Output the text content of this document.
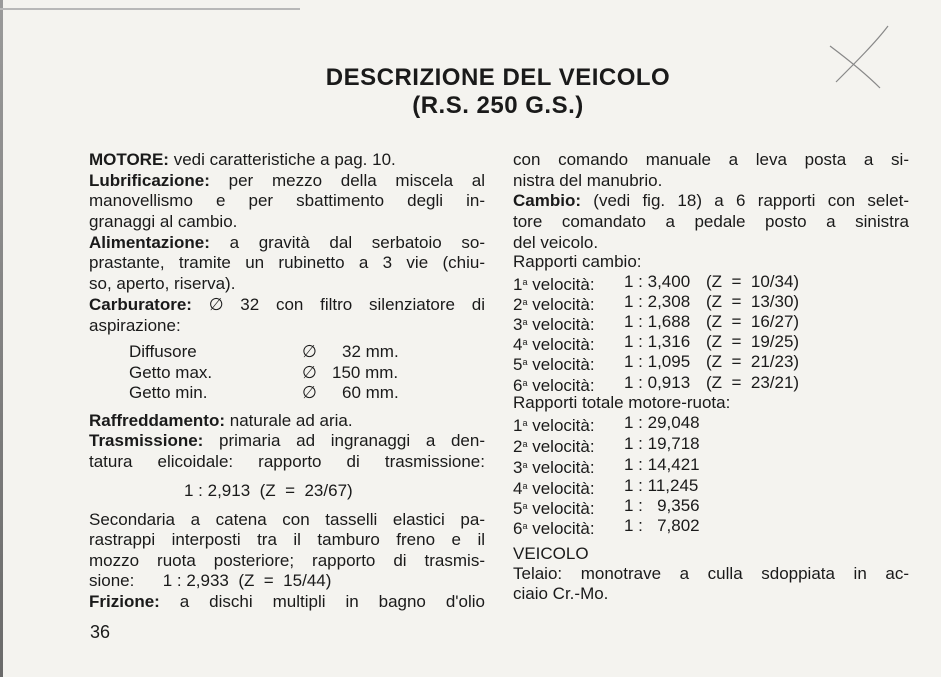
DESCRIZIONE DEL VEICOLO
(R.S. 250 G.S.)
MOTORE: vedi caratteristiche a pag. 10.
Lubrificazione: per mezzo della miscela al
manovellismo e per sbattimento degli in-
granaggi al cambio.
Alimentazione: a gravità dal serbatoio so-
prastante, tramite un rubinetto a 3 vie (chiu-
so, aperto, riserva).
Carburatore: ∅ 32 con filtro silenziatore di
aspirazione:
Diffusore	∅ 32 mm.
Getto max.	∅ 150 mm.
Getto min.	∅ 60 mm.
Raffreddamento: naturale ad aria.
Trasmissione: primaria ad ingranaggi a den-
tatura elicoidale: rapporto di trasmissione:
1 : 2,913  (Z  =  23/67)
Secondaria a catena con tasselli elastici pa-
rastrappi interposti tra il tamburo freno e il
mozzo ruota posteriore; rapporto di trasmis-
sione:      1 : 2,933  (Z  =  15/44)
Frizione: a dischi multipli in bagno d'olio
36
con comando manuale a leva posta a si-
nistra del manubrio.
Cambio: (vedi fig. 18) a 6 rapporti con selet-
tore comandato a pedale posto a sinistra
del veicolo.
Rapporti cambio:
1$^a$ velocità: 1 : 3,400 (Z  =  10/34)
2$^a$ velocità: 1 : 2,308 (Z  =  13/30)
3$^a$ velocità: 1 : 1,688 (Z  =  16/27)
4$^a$ velocità: 1 : 1,316 (Z  =  19/25)
5$^a$ velocità: 1 : 1,095 (Z  =  21/23)
6$^a$ velocità: 1 : 0,913 (Z  =  23/21)
Rapporti totale motore-ruota:
1$^a$ velocità: 1 : 29,048
2$^a$ velocità: 1 : 19,718
3$^a$ velocità: 1 : 14,421
4$^a$ velocità: 1 : 11,245
5$^a$ velocità: 1 :   9,356
6$^a$ velocità: 1 :   7,802
VEICOLO
Telaio: monotrave a culla sdoppiata in ac-
ciaio Cr.-Mo.
